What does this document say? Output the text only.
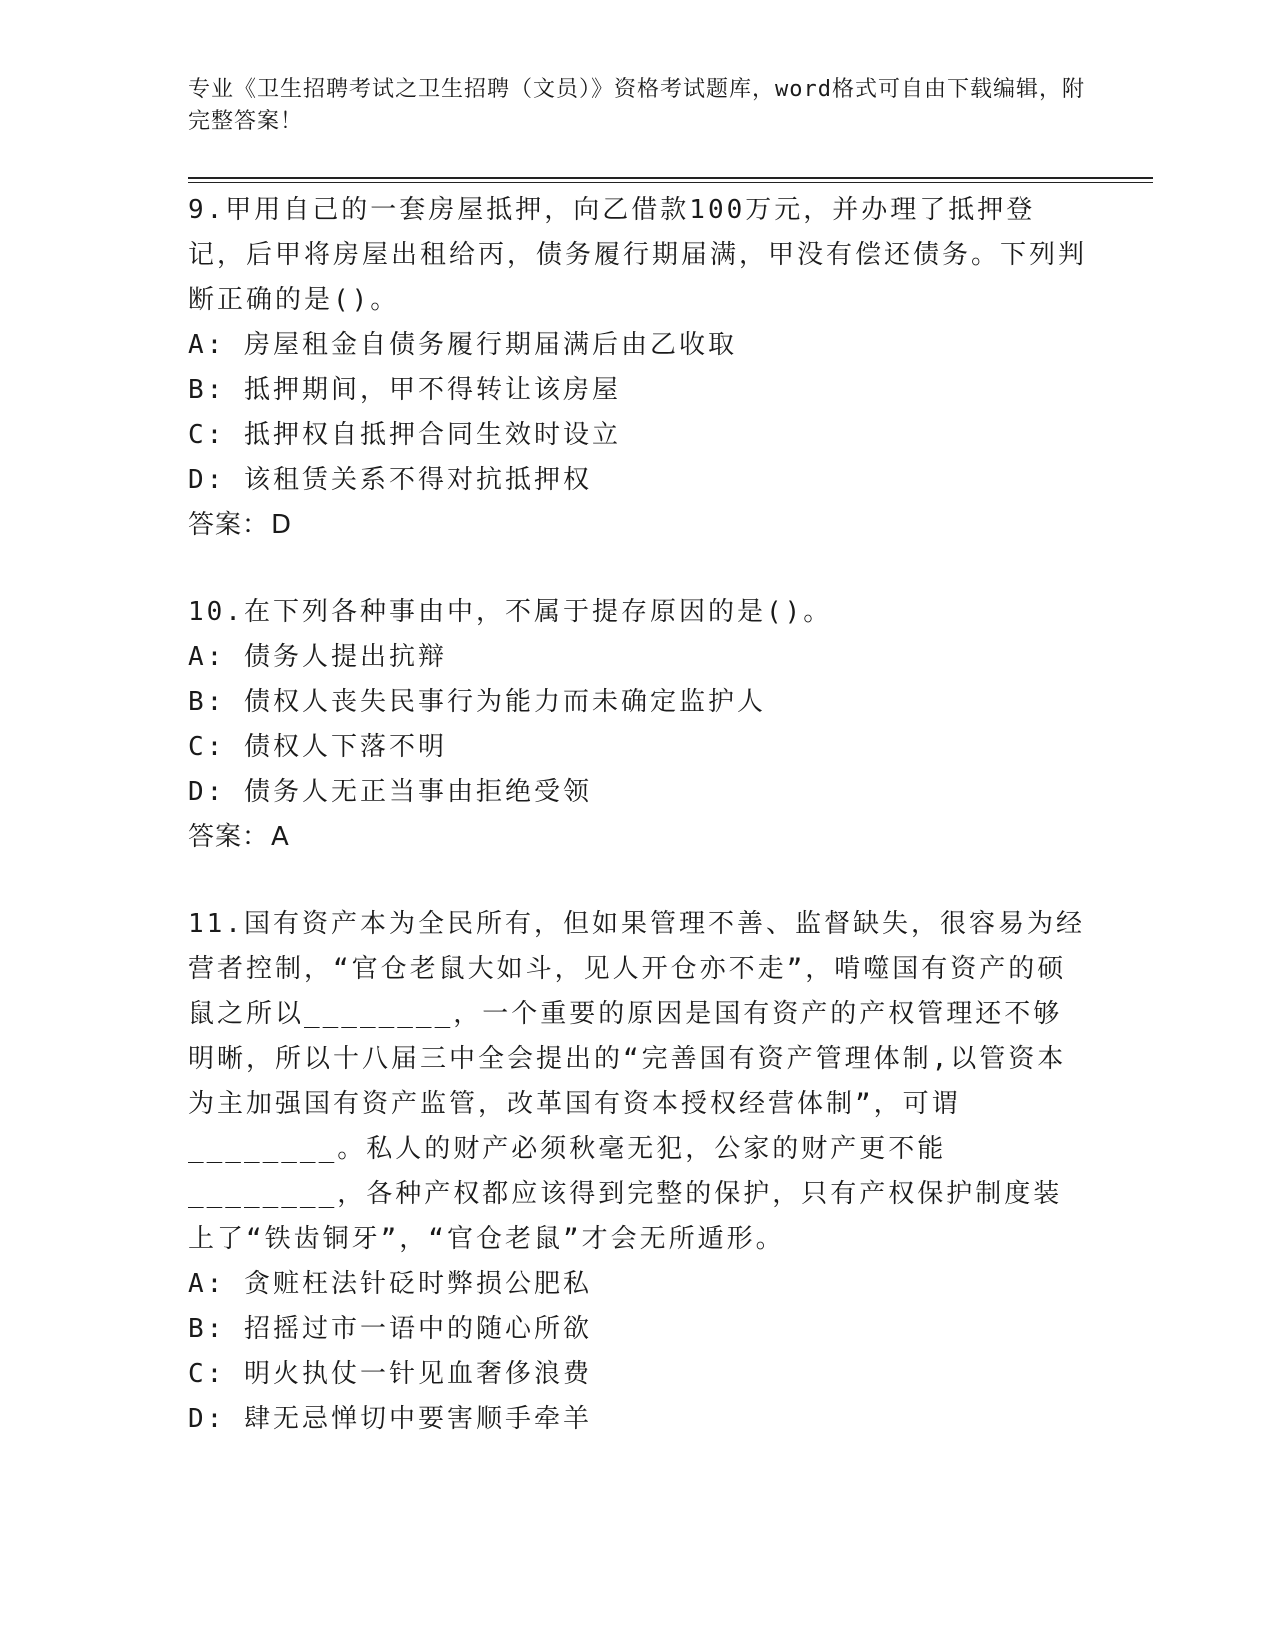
专业《卫生招聘考试之卫生招聘（文员）》资格考试题库，word格式可自由下载编辑，附完整答案！

9.甲用自己的一套房屋抵押，向乙借款100万元，并办理了抵押登记，后甲将房屋出租给丙，债务履行期届满，甲没有偿还债务。下列判断正确的是()。

A: 房屋租金自债务履行期届满后由乙收取

B: 抵押期间，甲不得转让该房屋

C: 抵押权自抵押合同生效时设立

D: 该租赁关系不得对抗抵押权

答案：D

10.在下列各种事由中，不属于提存原因的是()。

A: 债务人提出抗辩

B: 债权人丧失民事行为能力而未确定监护人

C: 债权人下落不明

D: 债务人无正当事由拒绝受领

答案：A

11.国有资产本为全民所有，但如果管理不善、监督缺失，很容易为经营者控制，“官仓老鼠大如斗，见人开仓亦不走”，啃噬国有资产的硕鼠之所以________，一个重要的原因是国有资产的产权管理还不够明晰，所以十八届三中全会提出的“完善国有资产管理体制,以管资本为主加强国有资产监管，改革国有资本授权经营体制”，可谓________。私人的财产必须秋毫无犯，公家的财产更不能________，各种产权都应该得到完整的保护，只有产权保护制度装上了“铁齿铜牙”，“官仓老鼠”才会无所遁形。

A: 贪赃枉法针砭时弊损公肥私

B: 招摇过市一语中的随心所欲

C: 明火执仗一针见血奢侈浪费

D: 肆无忌惮切中要害顺手牵羊
